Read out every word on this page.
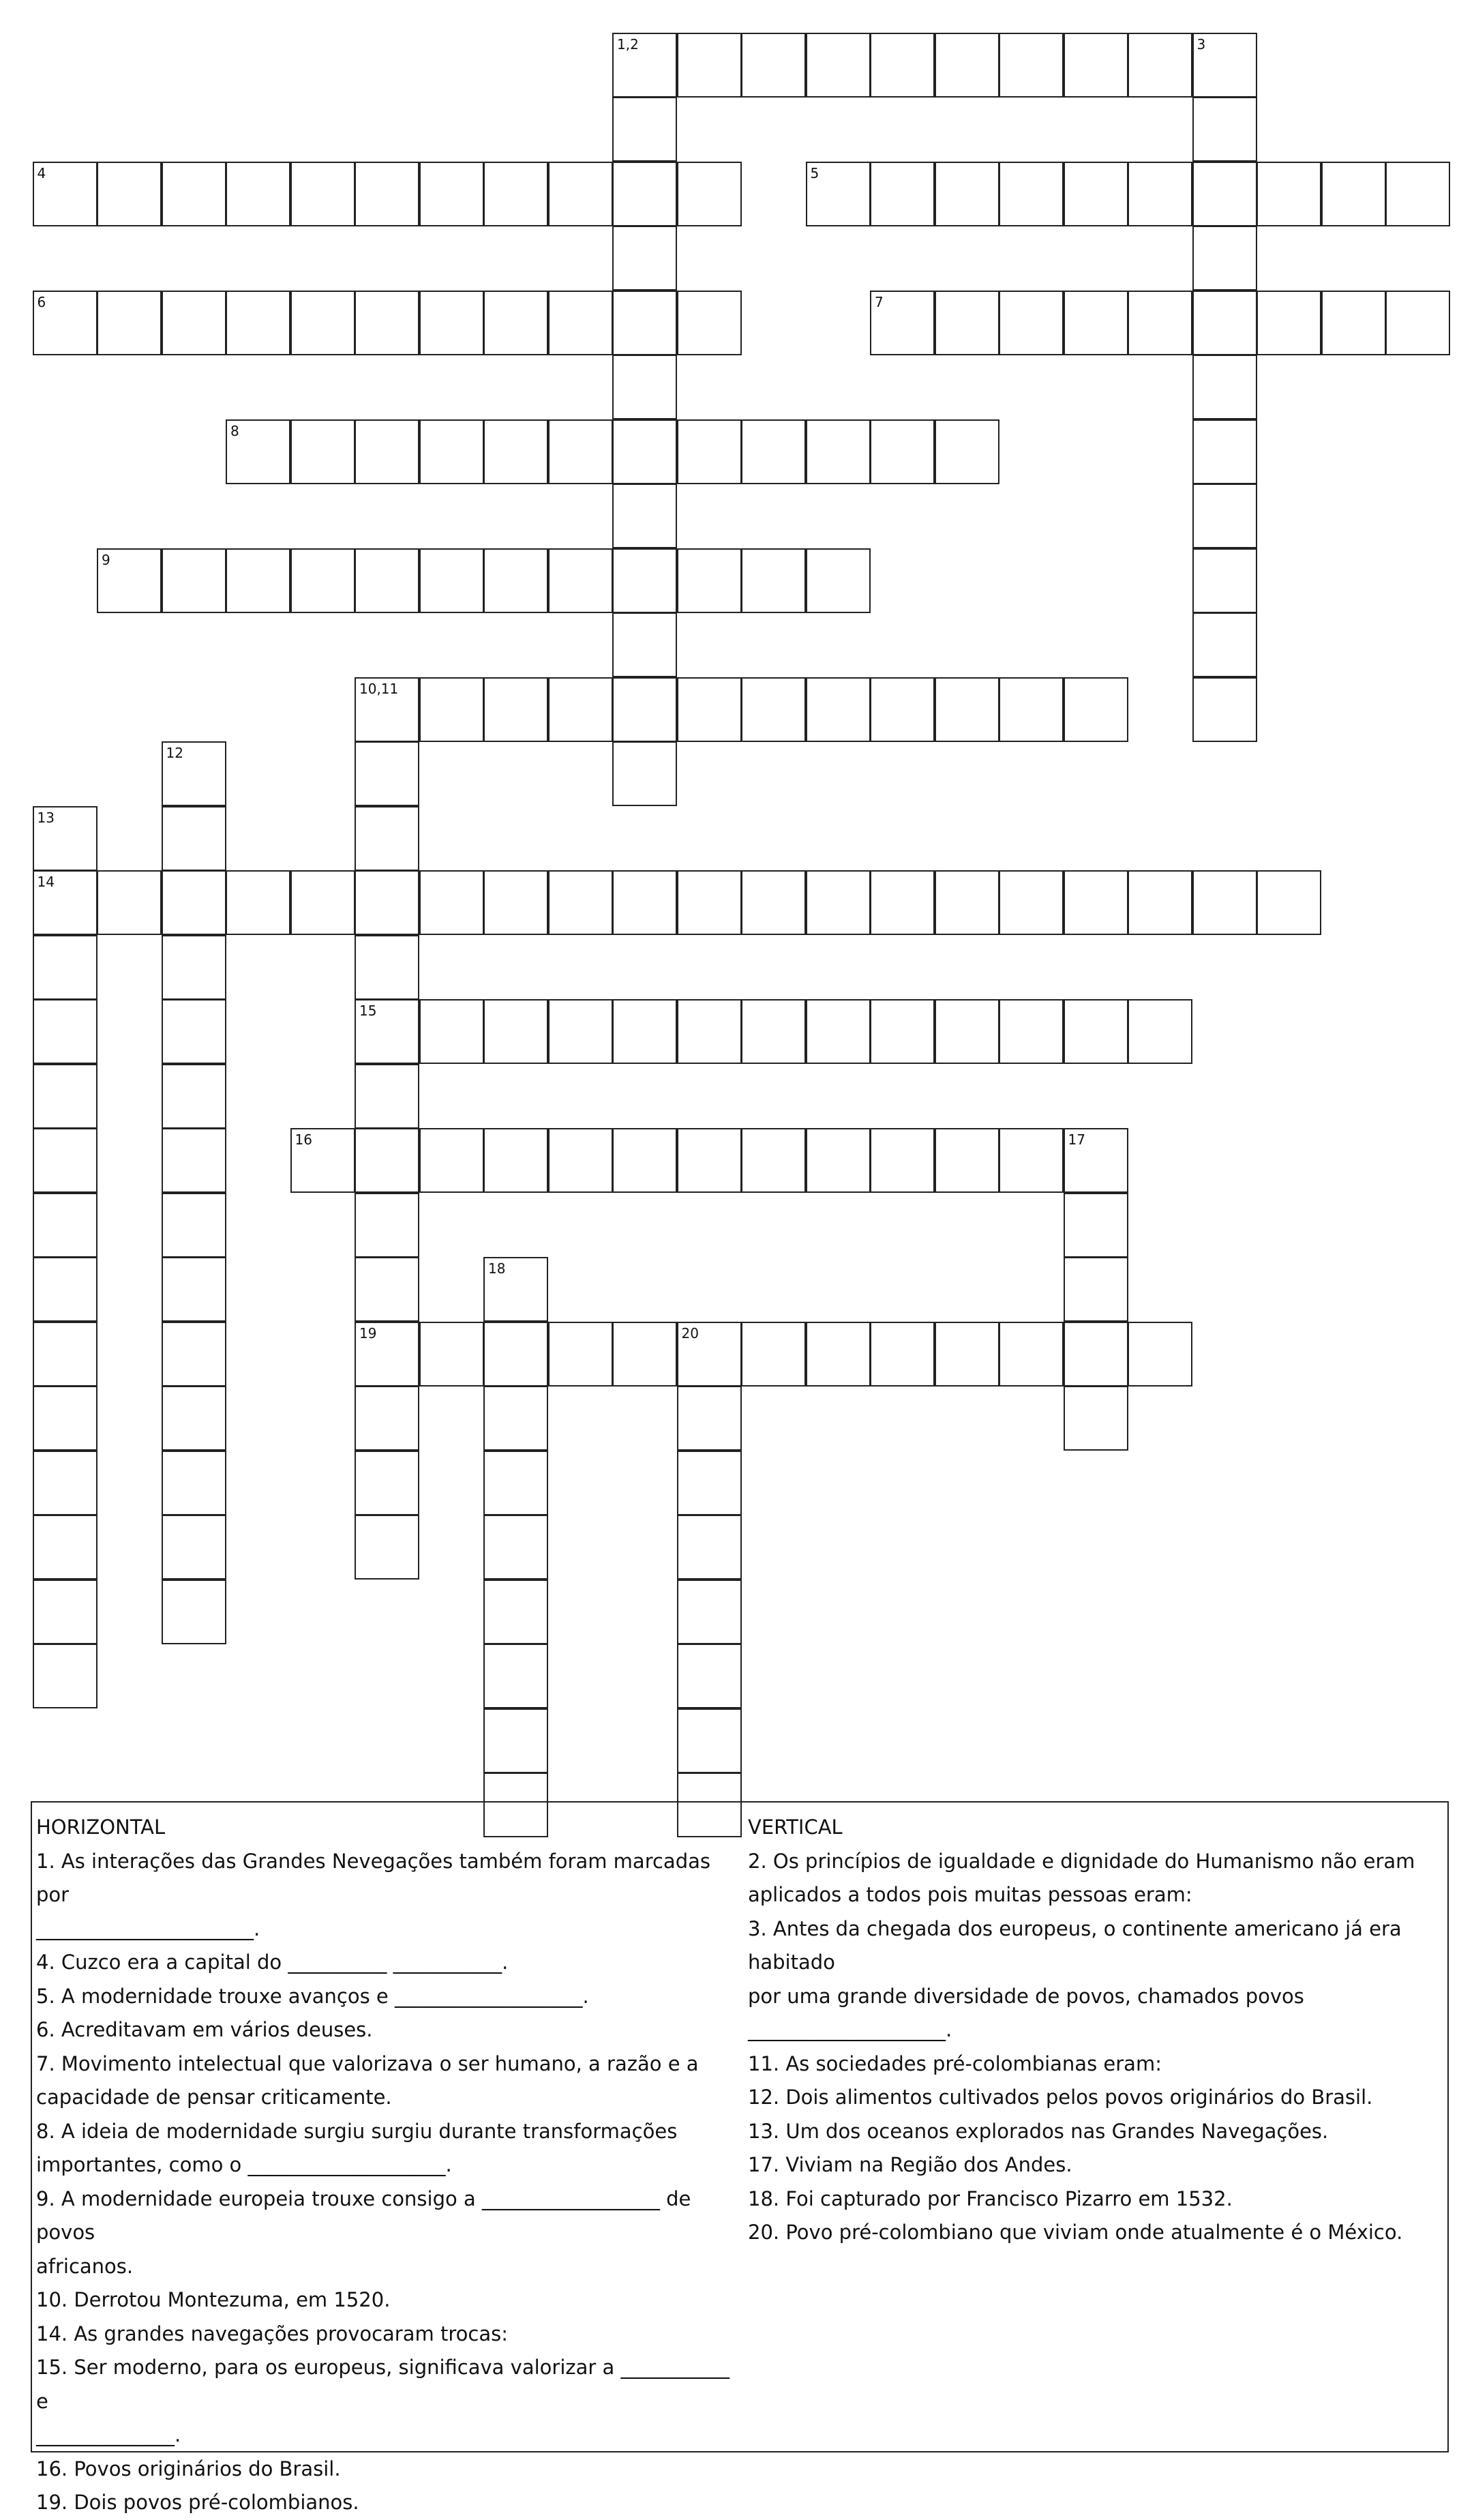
1,2	3
4	5
6	7
8
9
10,11
12
13
14
15
16	17
18
19	20
HORIZONTAL
1. As interações das Grandes Nevegações também foram marcadas por
______________________.
4. Cuzco era a capital do __________ ___________.
5. A modernidade trouxe avanços e ___________________.
6. Acreditavam em vários deuses.
7. Movimento intelectual que valorizava o ser humano, a razão e a
capacidade de pensar criticamente.
8. A ideia de modernidade surgiu surgiu durante transformações
importantes, como o ____________________.
9. A modernidade europeia trouxe consigo a __________________ de povos
africanos.
10. Derrotou Montezuma, em 1520.
14. As grandes navegações provocaram trocas:
15. Ser moderno, para os europeus, significava valorizar a ___________ e
______________.
16. Povos originários do Brasil.
19. Dois povos pré-colombianos.
VERTICAL
2. Os princípios de igualdade e dignidade do Humanismo não eram
aplicados a todos pois muitas pessoas eram:
3. Antes da chegada dos europeus, o continente americano já era habitado
por uma grande diversidade de povos, chamados povos
____________________.
11. As sociedades pré-colombianas eram:
12. Dois alimentos cultivados pelos povos originários do Brasil.
13. Um dos oceanos explorados nas Grandes Navegações.
17. Viviam na Região dos Andes.
18. Foi capturado por Francisco Pizarro em 1532.
20. Povo pré-colombiano que viviam onde atualmente é o México.
